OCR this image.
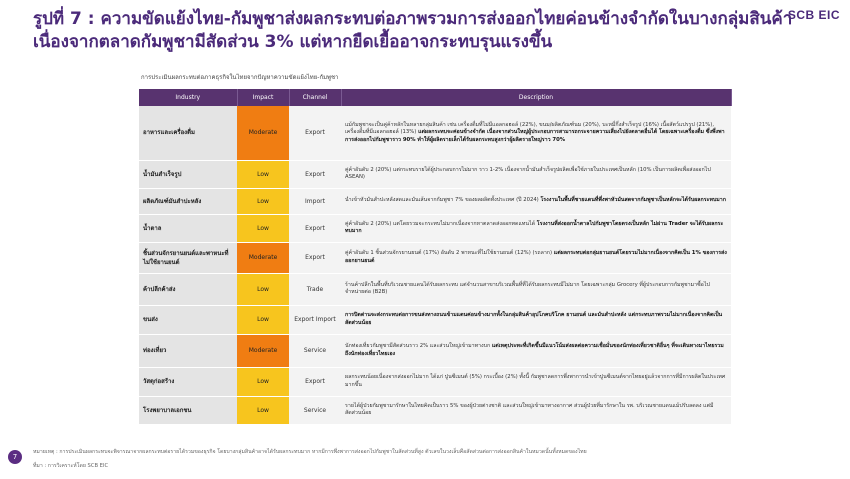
รูปที่ 7 : ความขัดแย้งไทย-กัมพูชาส่งผลกระทบต่อภาพรวมการส่งออกไทยค่อนข้างจำกัดในบางกลุ่มสินค้า เนื่องจากตลาดกัมพูชามีสัดส่วน 3% แต่หากยืดเยื้ออาจกระทบรุนแรงขึ้น
SCB EIC
การประเมินผลกระทบต่อภาคธุรกิจในไทยจากปัญหาความขัดแย้งไทย-กัมพูชา
Industry	Impact	Channel	Description
อาหารและเครื่องดื่ม	Moderate	Export	แม้กัมพูชาจะเป็นคู่ค้าหลักในหลายกลุ่มสินค้า เช่น เครื่องดื่มที่ไม่มีแอลกอฮอล์ (22%), ขนม/ผลิตภัณฑ์นม (20%), บะหมี่กึ่งสำเร็จรูป (16%) เนื้อสัตว์แปรรูป (21%), เครื่องดื่มที่มีแอลกอฮอล์ (13%) แต่ผลกระทบจะค่อนข้างจำกัด เนื่องจากส่วนใหญ่ผู้ประกอบการสามารถกระจายความเสี่ยงไปยังตลาดอื่นได้ โดยเฉพาะเครื่องดื่ม ซึ่งพึ่งพาการส่งออกไปกัมพูชาราว 90% ทำให้ผู้ผลิตรายเล็กได้รับผลกระทบสูงกว่าผู้ผลิตรายใหญ่ราว 70%
น้ำมันสำเร็จรูป	Low	Export	คู่ค้าอันดับ 2 (20%) แต่กระทบรายได้ผู้ประกอบการไม่มาก ราว 1-2% เนื่องจากน้ำมันสำเร็จรูปผลิตเพื่อใช้ภายในประเทศเป็นหลัก (10% เป็นการผลิตเพื่อส่งออกไป ASEAN)
ผลิตภัณฑ์มันสำปะหลัง	Low	Import	นำเข้าหัวมันสำปะหลังสดและมันเส้นจากกัมพูชา 7% ของผลผลิตทั้งประเทศ (ปี 2024) โรงงานในพื้นที่ชายแดนที่พึ่งพาหัวมันสดจากกัมพูชาเป็นหลักจะได้รับผลกระทบมาก
น้ำตาล	Low	Export	คู่ค้าอันดับ 2 (20%) แต่โดยรวมจะกระทบไม่มากเนื่องจากหาตลาดส่งออกทดแทนได้ โรงงานที่ส่งออกน้ำตาลไปกัมพูชาโดยตรงเป็นหลัก ไม่ผ่าน Trader จะได้รับผลกระทบมาก
ชิ้นส่วนจักรยานยนต์และพาหนะที่ไม่ใช้ยานยนต์	Moderate	Export	คู่ค้าอันดับ 1 ชิ้นส่วนจักรยานยนต์ (17%) อันดับ 2 พาหนะที่ไม่ใช้ยานยนต์ (12%) (รถลาก) แต่ผลกระทบต่อกลุ่มยานยนต์โดยรวมไม่มากเนื่องจากคิดเป็น 1% ของการส่งออกยานยนต์
ค้าปลีกค้าส่ง	Low	Trade	ร้านค้าปลีกในพื้นที่บริเวณชายแดนได้รับผลกระทบ แต่จำนวนสาขาบริเวณพื้นที่ที่ได้รับผลกระทบมีไม่มาก โดยเฉพาะกลุ่ม Grocery ที่ผู้ประกอบการกัมพูชามาซื้อไปจำหน่ายต่อ (B2B)
ขนส่ง	Low	Export Import	การปิดด่านจะส่งกระทบต่อการขนส่งทางถนนข้ามแดนค่อนข้างมากทั้งในกลุ่มสินค้าอุปโภคบริโภค ยานยนต์ และมันสำปะหลัง แต่กระทบภาพรวมไม่มากเนื่องจากคิดเป็นสัดส่วนน้อย
ท่องเที่ยว	Moderate	Service	นักท่องเที่ยวกัมพูชามีสัดส่วนราว 2% และส่วนใหญ่เข้ามาทางบก แต่เหตุประทะที่เกิดขึ้นมีแนวโน้มส่งผลต่อความเชื่อมั่นของนักท่องเที่ยวชาติอื่นๆ ที่จะเดินทางมาไทยรวมถึงนักท่องเที่ยวไทยเอง
วัสดุก่อสร้าง	Low	Export	ผลกระทบน้อยเนื่องจากส่งออกไม่มาก ได้แก่ ปูนซีเมนต์ (5%) กระเบื้อง (2%) ทั้งนี้ กัมพูชาลดการพึ่งพาการนำเข้าปูนซีเมนต์จากไทยอยู่แล้วจากการที่มีการผลิตในประเทศมากขึ้น
โรงพยาบาลเอกชน	Low	Service	รายได้ผู้ป่วยกัมพูชามารักษาในไทยคิดเป็นราว 5% ของผู้ป่วยต่างชาติ และส่วนใหญ่เข้ามาทางอากาศ ส่วนผู้ป่วยที่มารักษาใน รพ. บริเวณชายแดนแม้ปรับลดลง แต่มีสัดส่วนน้อย
7
หมายเหตุ : การประเมินผลกระทบจะพิจารณาจากผลกระทบต่อรายได้รวมของธุรกิจ โดยบางกลุ่มสินค้าอาจได้รับผลกระทบมาก หากมีการพึ่งพาการส่งออกไปกัมพูชาในสัดส่วนที่สูง ตัวเลขในวงเล็บคือสัดส่วนต่อการส่งออกสินค้าในหมวดนั้นทั้งหมดของไทย
ที่มา : การวิเคราะห์โดย SCB EIC
